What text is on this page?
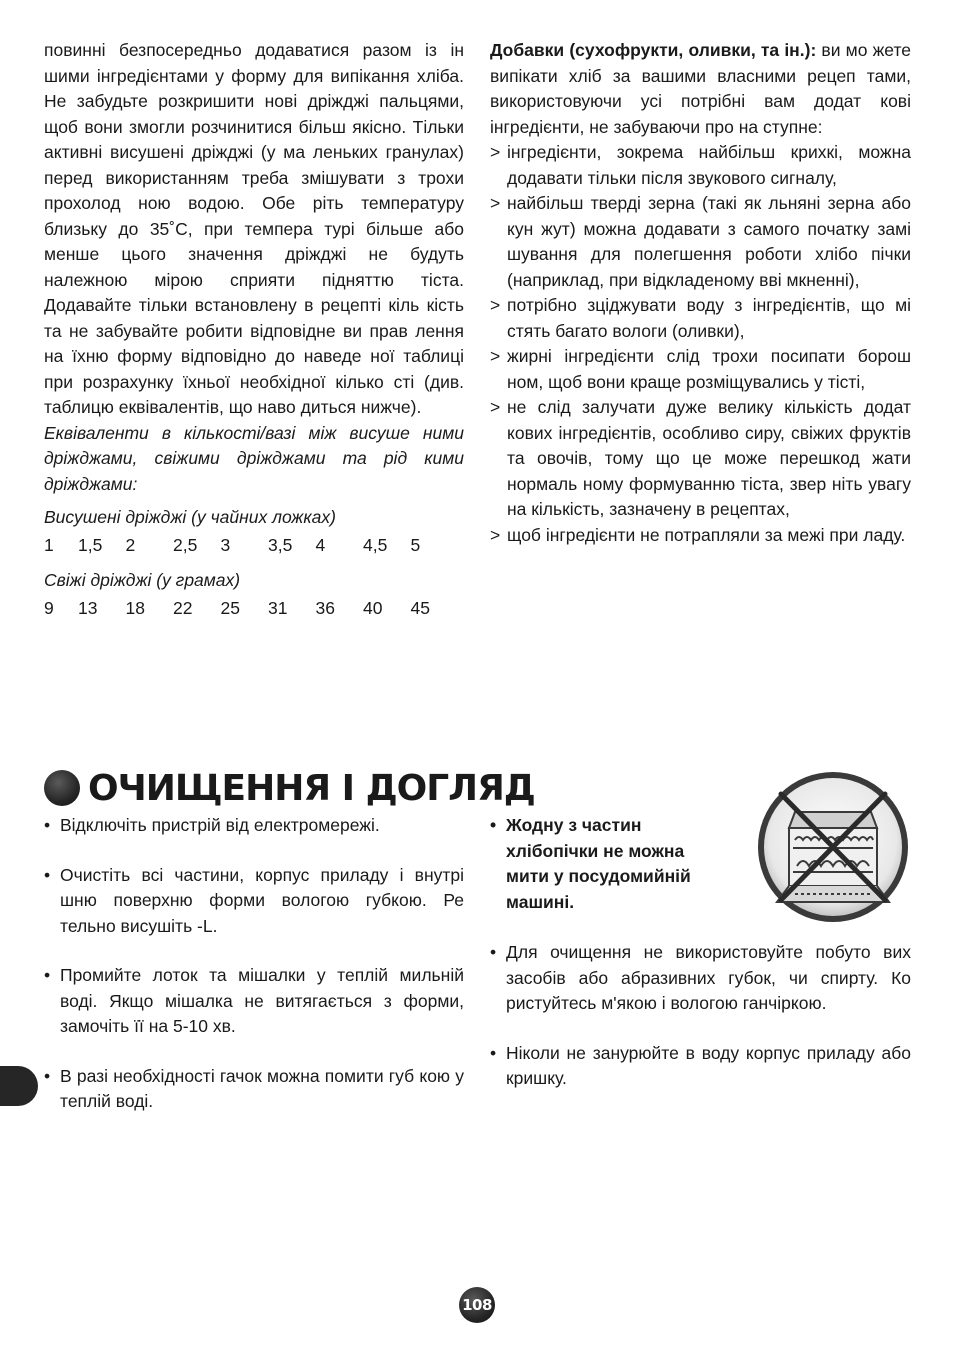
повинні безпосередньо додаватися разом із ін шими інгредієнтами у форму для випікання хліба. Не забудьте розкришити нові дріжджі пальцями, щоб вони змогли розчинитися більш якісно. Тільки активні висушені дріжджі (у ма леньких гранулах) перед використанням треба змішувати з трохи прохолод ною водою. Обе ріть температуру близьку до 35˚С, при темпера турі більше або менше цього значення дріжджі не будуть належною мірою сприяти підняттю тіста. Додавайте тільки встановлену в рецепті кіль кість та не забувайте робити відповідне ви прав лення на їхню форму відповідно до наведе ної таблиці при розрахунку їхньої необхідної кілько сті (див. таблицю еквівалентів, що наво диться нижче).

Еквіваленти в кількості/вазі між висуше ними дріжджами, свіжими дріжджами та рід кими дріжджами:

Висушені дріжджі (у чайних ложках)
1	1,5	2	2,5	3	3,5	4	4,5	5
Свіжі дріжджі (у грамах)
9	13	18	22	25	31	36	40	45

Добавки (сухофрукти, оливки, та ін.): ви мо жете випікати хліб за вашими власними рецеп тами, використовуючи усі потрібні вам додат кові інгредієнти, не забуваючи про на ступне:

> інгредієнти, зокрема найбільш крихкі, можна додавати тільки після звукового сигналу,
> найбільш тверді зерна (такі як льняні зерна або кун жут) можна додавати з самого початку замі шування для полегшення роботи хлібо пічки (наприклад, при відкладеному вві мкненні),
> потрібно зціджувати воду з інгредієнтів, що мі стять багато вологи (оливки),
> жирні інгредієнти слід трохи посипати борош ном, щоб вони краще розміщувались у тісті,
> не слід залучати дуже велику кількість додат кових інгредієнтів, особливо сиру, свіжих фруктів та овочів, тому що це може перешкод жати нормаль ному формуванню тіста, звер ніть увагу на кількість, зазначену в рецептах,
> щоб інгредієнти не потрапляли за межі при ладу.
ОЧИЩЕННЯ І ДОГЛЯД
• Відключіть пристрій від електромережі.
• Очистіть всі частини, корпус приладу і внутрі шню поверхню форми вологою губкою. Ре тельно висушіть -L.
• Промийте лоток та мішалки у теплій мильній воді. Якщо мішалка не витягається з форми, замочіть її на 5-10 хв.
• В разі необхідності гачок можна помити губ кою у теплій воді.
• Жодну з частин хлібопічки не можна мити у посудомийній машині.
• Для очищення не використовуйте побуто вих засобів або абразивних губок, чи спирту. Ко ристуйтесь м'якою і вологою ганчіркою.
• Ніколи не занурюйте в воду корпус приладу або кришку.
108
